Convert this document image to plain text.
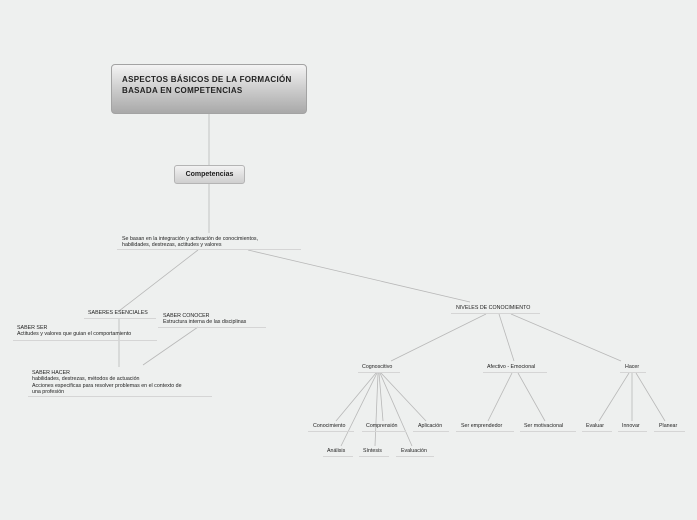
ASPECTOS BÁSICOS DE LA FORMACIÓN BASADA EN COMPETENCIAS
Competencias
Se basan en la integración y activación de conocimientos,
habilidades, destrezas, actitudes y valores
SABERES ESENCIALES
SABER SER
Actitudes y valores que guian el comportamiento
SABER CONOCER
Estructura interna de las disciplinas
SABER HACER
habilidades, destrezas, métodos de actuación
Acciones especificas para resolver problemas en el contexto de
una profesión
NIVELES DE CONOCIMIENTO
Cognoscitivo	Afectivo - Emocional	Hacer
Conocimiento	Comprensión	Aplicación
Análisis	Síntesis	Evaluación
Ser emprendedor	Ser motivacional	Evaluar	Innovar	Planear
